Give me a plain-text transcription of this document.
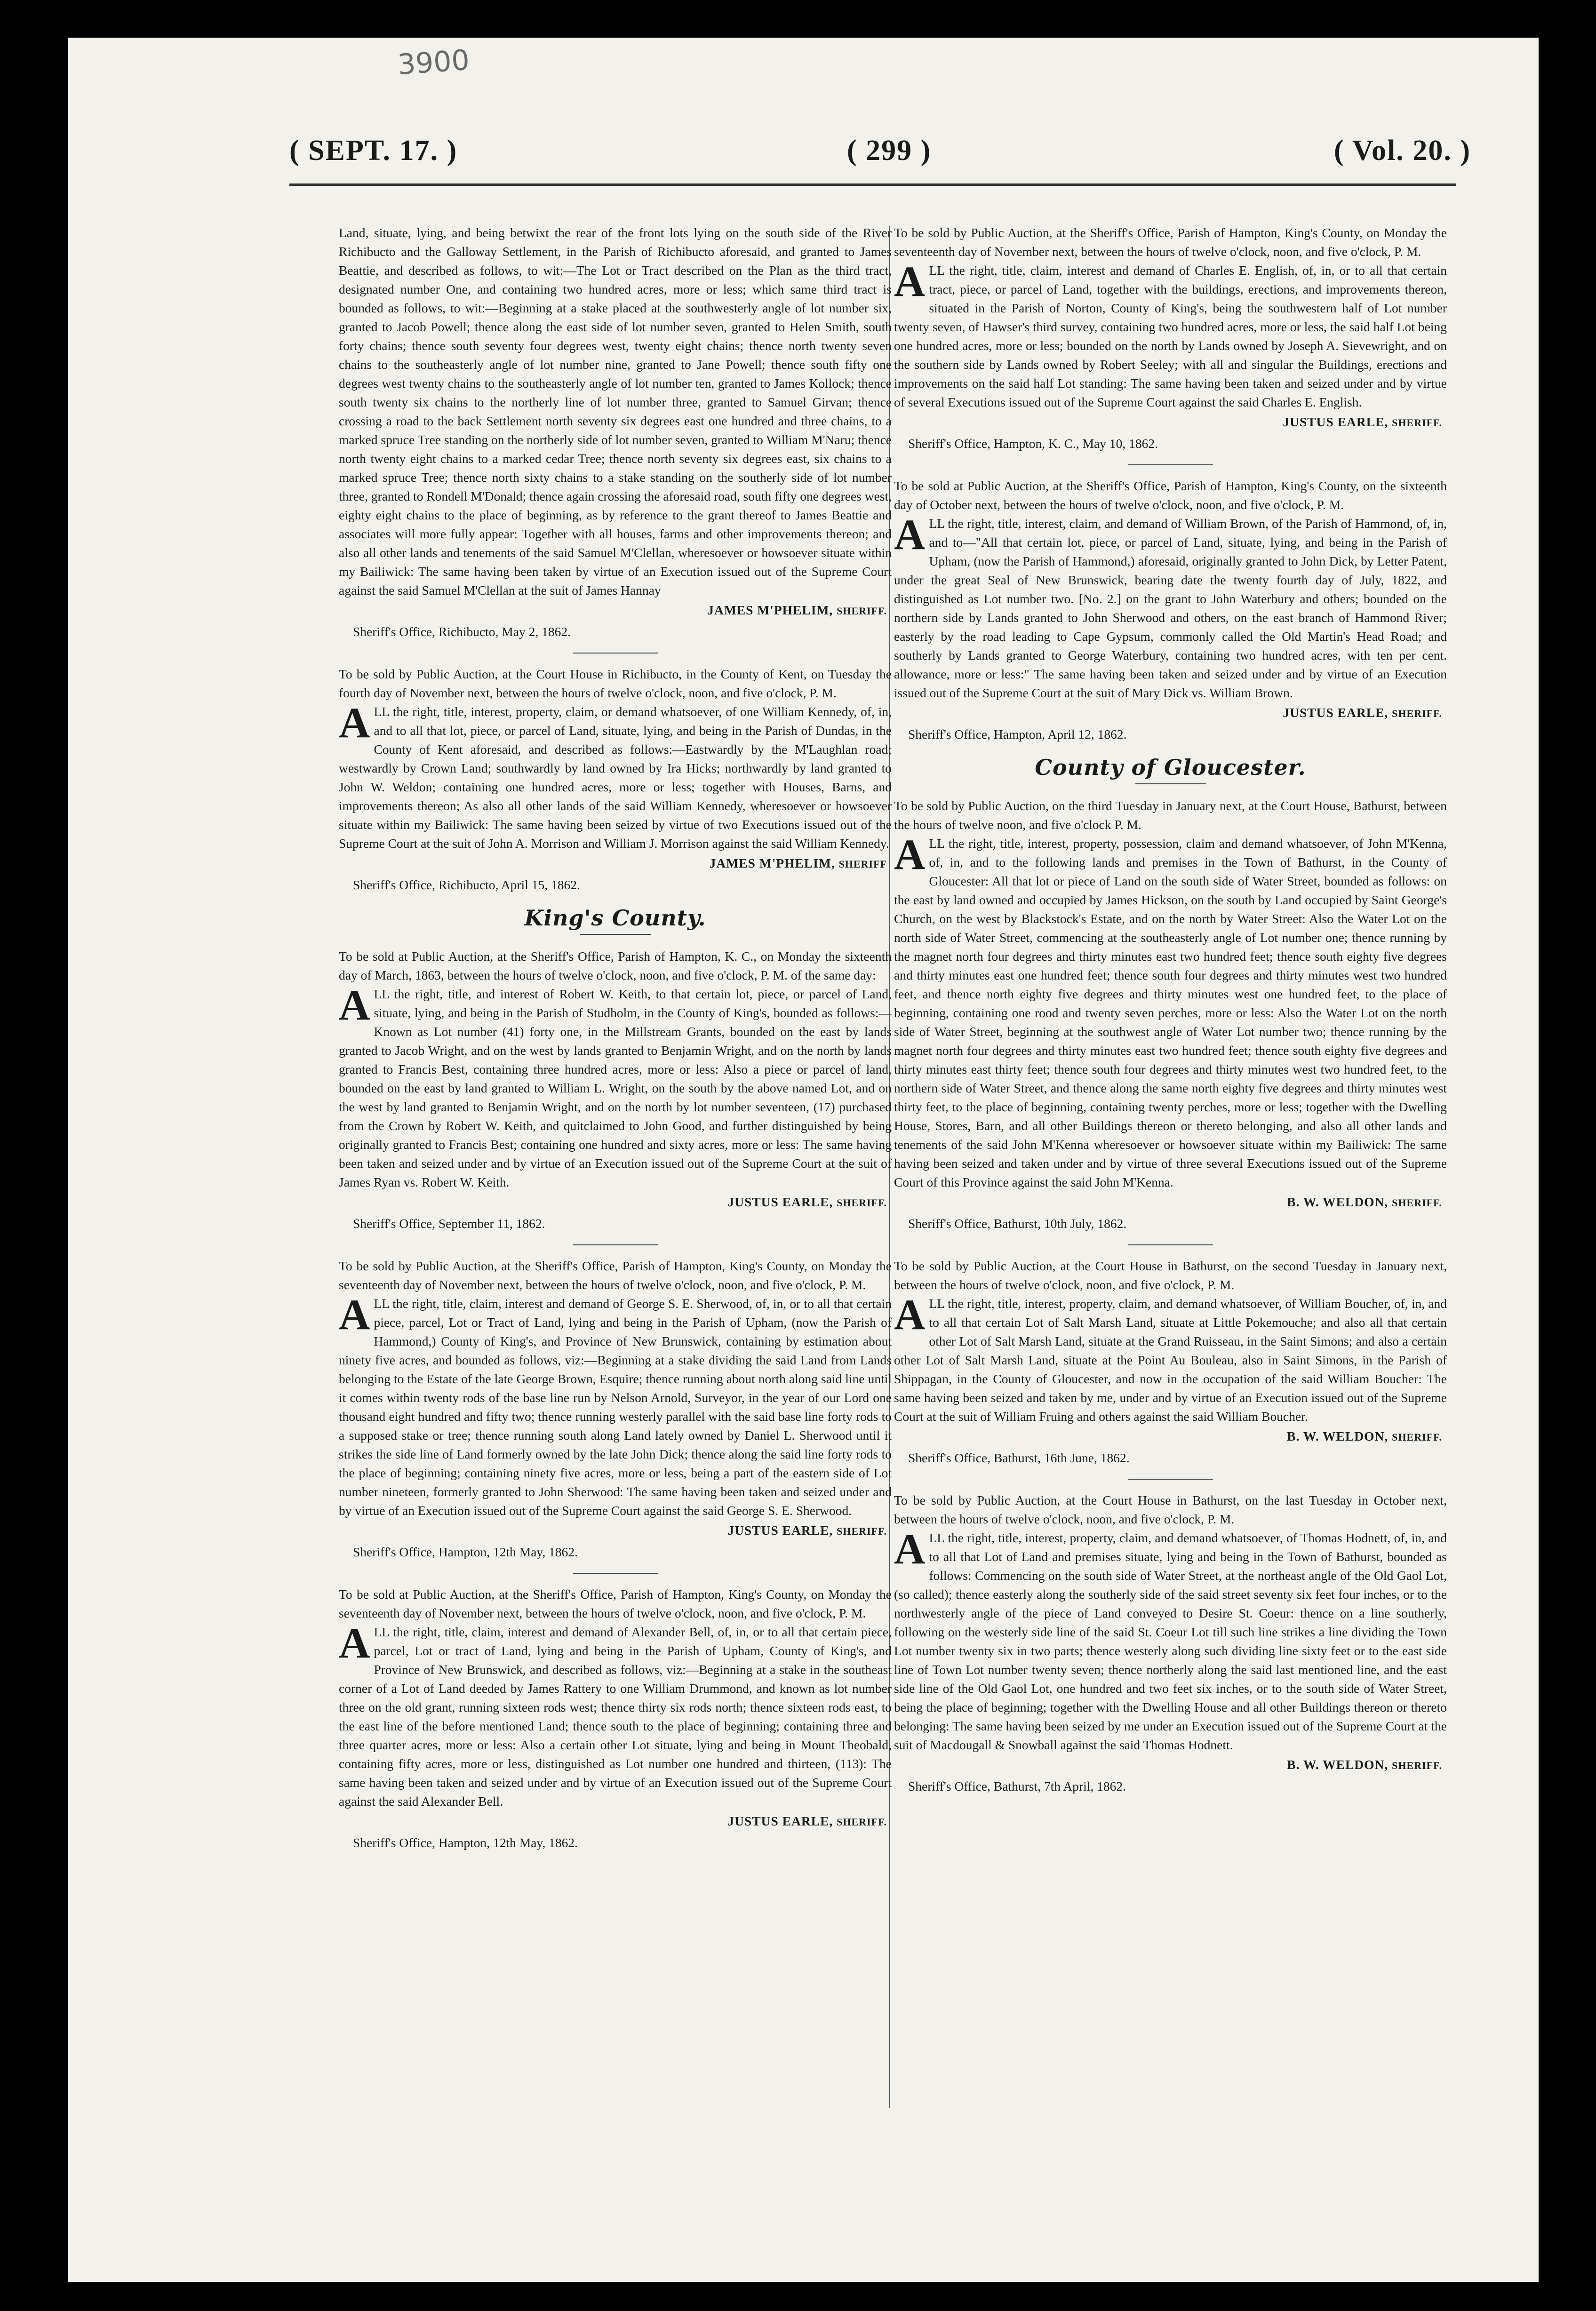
3900
( SEPT. 17. )	( 299 )	( Vol. 20. )

Land, situate, lying, and being betwixt the rear of the front lots lying on the south side of the River Richibucto and the Galloway Settlement, in the Parish of Richibucto aforesaid, and granted to James Beattie, and described as follows, to wit:—The Lot or Tract described on the Plan as the third tract, designated number One, and containing two hundred acres, more or less; which same third tract is bounded as follows, to wit:—Beginning at a stake placed at the southwesterly angle of lot number six, granted to Jacob Powell; thence along the east side of lot number seven, granted to Helen Smith, south forty chains; thence south seventy four degrees west, twenty eight chains; thence north twenty seven chains to the southeasterly angle of lot number nine, granted to Jane Powell; thence south fifty one degrees west twenty chains to the southeasterly angle of lot number ten, granted to James Kollock; thence south twenty six chains to the northerly line of lot number three, granted to Samuel Girvan; thence crossing a road to the back Settlement north seventy six degrees east one hundred and three chains, to a marked spruce Tree standing on the northerly side of lot number seven, granted to William M'Naru; thence north twenty eight chains to a marked cedar Tree; thence north seventy six degrees east, six chains to a marked spruce Tree; thence north sixty chains to a stake standing on the southerly side of lot number three, granted to Rondell M'Donald; thence again crossing the aforesaid road, south fifty one degrees west, eighty eight chains to the place of beginning, as by reference to the grant thereof to James Beattie and associates will more fully appear: Together with all houses, farms and other improvements thereon; and also all other lands and tenements of the said Samuel M'Clellan, wheresoever or howsoever situate within my Bailiwick: The same having been taken by virtue of an Execution issued out of the Supreme Court against the said Samuel M'Clellan at the suit of James Hannay

JAMES M'PHELIM, SHERIFF.
Sheriff's Office, Richibucto, May 2, 1862.

To be sold by Public Auction, at the Court House in Richibucto, in the County of Kent, on Tuesday the fourth day of November next, between the hours of twelve o'clock, noon, and five o'clock, P. M.

ALL the right, title, interest, property, claim, or demand whatsoever, of one William Kennedy, of, in, and to all that lot, piece, or parcel of Land, situate, lying, and being in the Parish of Dundas, in the County of Kent aforesaid, and described as follows:—Eastwardly by the M'Laughlan road; westwardly by Crown Land; southwardly by land owned by Ira Hicks; northwardly by land granted to John W. Weldon; containing one hundred acres, more or less; together with Houses, Barns, and improvements thereon; As also all other lands of the said William Kennedy, wheresoever or howsoever situate within my Bailiwick: The same having been seized by virtue of two Executions issued out of the Supreme Court at the suit of John A. Morrison and William J. Morrison against the said William Kennedy.

JAMES M'PHELIM, SHERIFF
Sheriff's Office, Richibucto, April 15, 1862.
King's County.

To be sold at Public Auction, at the Sheriff's Office, Parish of Hampton, K. C., on Monday the sixteenth day of March, 1863, between the hours of twelve o'clock, noon, and five o'clock, P. M. of the same day:

ALL the right, title, and interest of Robert W. Keith, to that certain lot, piece, or parcel of Land, situate, lying, and being in the Parish of Studholm, in the County of King's, bounded as follows:—Known as Lot number (41) forty one, in the Millstream Grants, bounded on the east by lands granted to Jacob Wright, and on the west by lands granted to Benjamin Wright, and on the north by lands granted to Francis Best, containing three hundred acres, more or less: Also a piece or parcel of land, bounded on the east by land granted to William L. Wright, on the south by the above named Lot, and on the west by land granted to Benjamin Wright, and on the north by lot number seventeen, (17) purchased from the Crown by Robert W. Keith, and quitclaimed to John Good, and further distinguished by being originally granted to Francis Best; containing one hundred and sixty acres, more or less: The same having been taken and seized under and by virtue of an Execution issued out of the Supreme Court at the suit of James Ryan vs. Robert W. Keith.

JUSTUS EARLE, SHERIFF.
Sheriff's Office, September 11, 1862.

To be sold by Public Auction, at the Sheriff's Office, Parish of Hampton, King's County, on Monday the seventeenth day of November next, between the hours of twelve o'clock, noon, and five o'clock, P. M.

ALL the right, title, claim, interest and demand of George S. E. Sherwood, of, in, or to all that certain piece, parcel, Lot or Tract of Land, lying and being in the Parish of Upham, (now the Parish of Hammond,) County of King's, and Province of New Brunswick, containing by estimation about ninety five acres, and bounded as follows, viz:—Beginning at a stake dividing the said Land from Lands belonging to the Estate of the late George Brown, Esquire; thence running about north along said line until it comes within twenty rods of the base line run by Nelson Arnold, Surveyor, in the year of our Lord one thousand eight hundred and fifty two; thence running westerly parallel with the said base line forty rods to a supposed stake or tree; thence running south along Land lately owned by Daniel L. Sherwood until it strikes the side line of Land formerly owned by the late John Dick; thence along the said line forty rods to the place of beginning; containing ninety five acres, more or less, being a part of the eastern side of Lot number nineteen, formerly granted to John Sherwood: The same having been taken and seized under and by virtue of an Execution issued out of the Supreme Court against the said George S. E. Sherwood.

JUSTUS EARLE, SHERIFF.
Sheriff's Office, Hampton, 12th May, 1862.

To be sold at Public Auction, at the Sheriff's Office, Parish of Hampton, King's County, on Monday the seventeenth day of November next, between the hours of twelve o'clock, noon, and five o'clock, P. M.

ALL the right, title, claim, interest and demand of Alexander Bell, of, in, or to all that certain piece, parcel, Lot or tract of Land, lying and being in the Parish of Upham, County of King's, and Province of New Brunswick, and described as follows, viz:—Beginning at a stake in the southeast corner of a Lot of Land deeded by James Rattery to one William Drummond, and known as lot number three on the old grant, running sixteen rods west; thence thirty six rods north; thence sixteen rods east, to the east line of the before mentioned Land; thence south to the place of beginning; containing three and three quarter acres, more or less: Also a certain other Lot situate, lying and being in Mount Theobald, containing fifty acres, more or less, distinguished as Lot number one hundred and thirteen, (113): The same having been taken and seized under and by virtue of an Execution issued out of the Supreme Court against the said Alexander Bell.

JUSTUS EARLE, SHERIFF.
Sheriff's Office, Hampton, 12th May, 1862.

To be sold by Public Auction, at the Sheriff's Office, Parish of Hampton, King's County, on Monday the seventeenth day of November next, between the hours of twelve o'clock, noon, and five o'clock, P. M.

ALL the right, title, claim, interest and demand of Charles E. English, of, in, or to all that certain tract, piece, or parcel of Land, together with the buildings, erections, and improvements thereon, situated in the Parish of Norton, County of King's, being the southwestern half of Lot number twenty seven, of Hawser's third survey, containing two hundred acres, more or less, the said half Lot being one hundred acres, more or less; bounded on the north by Lands owned by Joseph A. Sievewright, and on the southern side by Lands owned by Robert Seeley; with all and singular the Buildings, erections and improvements on the said half Lot standing: The same having been taken and seized under and by virtue of several Executions issued out of the Supreme Court against the said Charles E. English.

JUSTUS EARLE, SHERIFF.
Sheriff's Office, Hampton, K. C., May 10, 1862.

To be sold at Public Auction, at the Sheriff's Office, Parish of Hampton, King's County, on the sixteenth day of October next, between the hours of twelve o'clock, noon, and five o'clock, P. M.

ALL the right, title, interest, claim, and demand of William Brown, of the Parish of Hammond, of, in, and to—"All that certain lot, piece, or parcel of Land, situate, lying, and being in the Parish of Upham, (now the Parish of Hammond,) aforesaid, originally granted to John Dick, by Letter Patent, under the great Seal of New Brunswick, bearing date the twenty fourth day of July, 1822, and distinguished as Lot number two. [No. 2.] on the grant to John Waterbury and others; bounded on the northern side by Lands granted to John Sherwood and others, on the east branch of Hammond River; easterly by the road leading to Cape Gypsum, commonly called the Old Martin's Head Road; and southerly by Lands granted to George Waterbury, containing two hundred acres, with ten per cent. allowance, more or less:" The same having been taken and seized under and by virtue of an Execution issued out of the Supreme Court at the suit of Mary Dick vs. William Brown.

JUSTUS EARLE, SHERIFF.
Sheriff's Office, Hampton, April 12, 1862.
County of Gloucester.

To be sold by Public Auction, on the third Tuesday in January next, at the Court House, Bathurst, between the hours of twelve noon, and five o'clock P. M.

ALL the right, title, interest, property, possession, claim and demand whatsoever, of John M'Kenna, of, in, and to the following lands and premises in the Town of Bathurst, in the County of Gloucester: All that lot or piece of Land on the south side of Water Street, bounded as follows: on the east by land owned and occupied by James Hickson, on the south by Land occupied by Saint George's Church, on the west by Blackstock's Estate, and on the north by Water Street: Also the Water Lot on the north side of Water Street, commencing at the southeasterly angle of Lot number one; thence running by the magnet north four degrees and thirty minutes east two hundred feet; thence south eighty five degrees and thirty minutes east one hundred feet; thence south four degrees and thirty minutes west two hundred feet, and thence north eighty five degrees and thirty minutes west one hundred feet, to the place of beginning, containing one rood and twenty seven perches, more or less: Also the Water Lot on the north side of Water Street, beginning at the southwest angle of Water Lot number two; thence running by the magnet north four degrees and thirty minutes east two hundred feet; thence south eighty five degrees and thirty minutes east thirty feet; thence south four degrees and thirty minutes west two hundred feet, to the northern side of Water Street, and thence along the same north eighty five degrees and thirty minutes west thirty feet, to the place of beginning, containing twenty perches, more or less; together with the Dwelling House, Stores, Barn, and all other Buildings thereon or thereto belonging, and also all other lands and tenements of the said John M'Kenna wheresoever or howsoever situate within my Bailiwick: The same having been seized and taken under and by virtue of three several Executions issued out of the Supreme Court of this Province against the said John M'Kenna.

B. W. WELDON, SHERIFF.
Sheriff's Office, Bathurst, 10th July, 1862.

To be sold by Public Auction, at the Court House in Bathurst, on the second Tuesday in January next, between the hours of twelve o'clock, noon, and five o'clock, P. M.

ALL the right, title, interest, property, claim, and demand whatsoever, of William Boucher, of, in, and to all that certain Lot of Salt Marsh Land, situate at Little Pokemouche; and also all that certain other Lot of Salt Marsh Land, situate at the Grand Ruisseau, in the Saint Simons; and also a certain other Lot of Salt Marsh Land, situate at the Point Au Bouleau, also in Saint Simons, in the Parish of Shippagan, in the County of Gloucester, and now in the occupation of the said William Boucher: The same having been seized and taken by me, under and by virtue of an Execution issued out of the Supreme Court at the suit of William Fruing and others against the said William Boucher.

B. W. WELDON, SHERIFF.
Sheriff's Office, Bathurst, 16th June, 1862.

To be sold by Public Auction, at the Court House in Bathurst, on the last Tuesday in October next, between the hours of twelve o'clock, noon, and five o'clock, P. M.

ALL the right, title, interest, property, claim, and demand whatsoever, of Thomas Hodnett, of, in, and to all that Lot of Land and premises situate, lying and being in the Town of Bathurst, bounded as follows: Commencing on the south side of Water Street, at the northeast angle of the Old Gaol Lot, (so called); thence easterly along the southerly side of the said street seventy six feet four inches, or to the northwesterly angle of the piece of Land conveyed to Desire St. Coeur: thence on a line southerly, following on the westerly side line of the said St. Coeur Lot till such line strikes a line dividing the Town Lot number twenty six in two parts; thence westerly along such dividing line sixty feet or to the east side line of Town Lot number twenty seven; thence northerly along the said last mentioned line, and the east side line of the Old Gaol Lot, one hundred and two feet six inches, or to the south side of Water Street, being the place of beginning; together with the Dwelling House and all other Buildings thereon or thereto belonging: The same having been seized by me under an Execution issued out of the Supreme Court at the suit of Macdougall & Snowball against the said Thomas Hodnett.

B. W. WELDON, SHERIFF.
Sheriff's Office, Bathurst, 7th April, 1862.
